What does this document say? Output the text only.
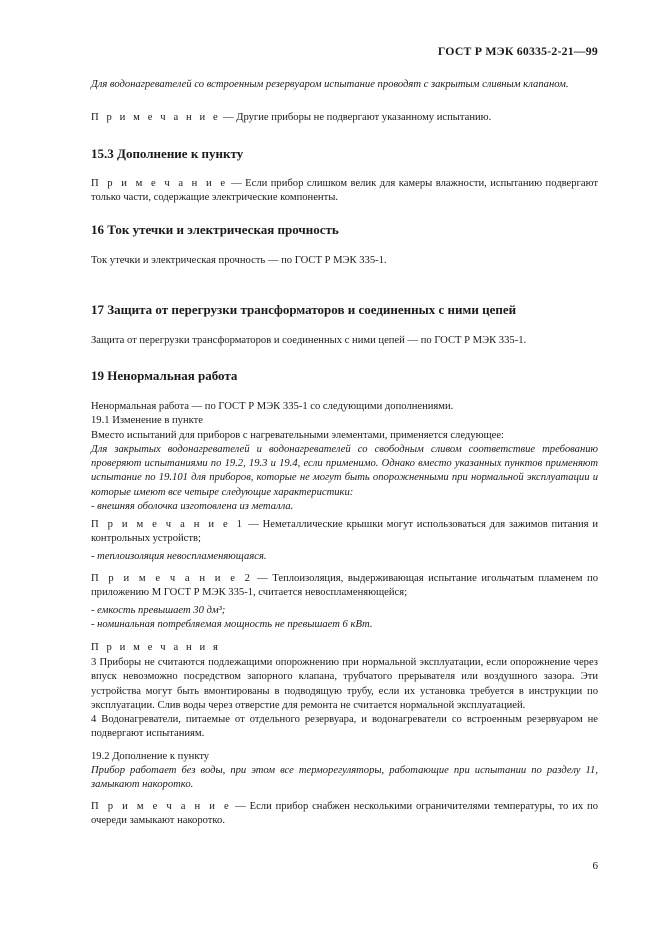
ГОСТ Р МЭК 60335-2-21—99
Для водонагревателей со встроенным резервуаром испытание проводят с закрытым сливным клапаном.
П р и м е ч а н и е — Другие приборы не подвергают указанному испытанию.
15.3 Дополнение к пункту
П р и м е ч а н и е — Если прибор слишком велик для камеры влажности, испытанию подвергают только части, содержащие электрические компоненты.
16 Ток утечки и электрическая прочность
Ток утечки и электрическая прочность — по ГОСТ Р МЭК 335-1.
17 Защита от перегрузки трансформаторов и соединенных с ними цепей
Защита от перегрузки трансформаторов и соединенных с ними цепей — по ГОСТ Р МЭК 335-1.
19 Ненормальная работа

Ненормальная работа — по ГОСТ Р МЭК 335-1 со следующими дополнениями.

19.1 Изменение в пункте

Вместо испытаний для приборов с нагревательными элементами, применяется следующее:

Для закрытых водонагревателей и водонагревателей со свободным сливом соответствие требованию проверяют испытаниями по 19.2, 19.3 и 19.4, если применимо. Однако вместо указанных пунктов применяют испытание по 19.101 для приборов, которые не могут быть опорожненными при нормальной эксплуатации и которые имеют все четыре следующие характеристики:

- внешняя оболочка изготовлена из металла.

П р и м е ч а н и е 1 — Неметаллические крышки могут использоваться для зажимов питания и контрольных устройств;
- теплоизоляция невоспламеняющаяся.
П р и м е ч а н и е 2 — Теплоизоляция, выдерживающая испытание игольчатым пламенем по приложению М ГОСТ Р МЭК 335-1, считается невоспламеняющейся;
- емкость превышает 30 дм³;
- номинальная потребляемая мощность не превышает 6 кВт.
П р и м е ч а н и я
3 Приборы не считаются подлежащими опорожнению при нормальной эксплуатации, если опорожнение через впуск невозможно посредством запорного клапана, трубчатого прерывателя или воздушного зазора. Эти устройства могут быть вмонтированы в подводящую трубу, если их установка требуется в инструкции по эксплуатации. Слив воды через отверстие для ремонта не считается нормальной эксплуатацией.
4 Водонагреватели, питаемые от отдельного резервуара, и водонагреватели со встроенным резервуаром не подвергают испытаниям.
19.2 Дополнение к пункту
Прибор работает без воды, при этом все терморегуляторы, работающие при испытании по разделу 11, замыкают накоротко.
П р и м е ч а н и е — Если прибор снабжен несколькими ограничителями температуры, то их по очереди замыкают накоротко.
6
